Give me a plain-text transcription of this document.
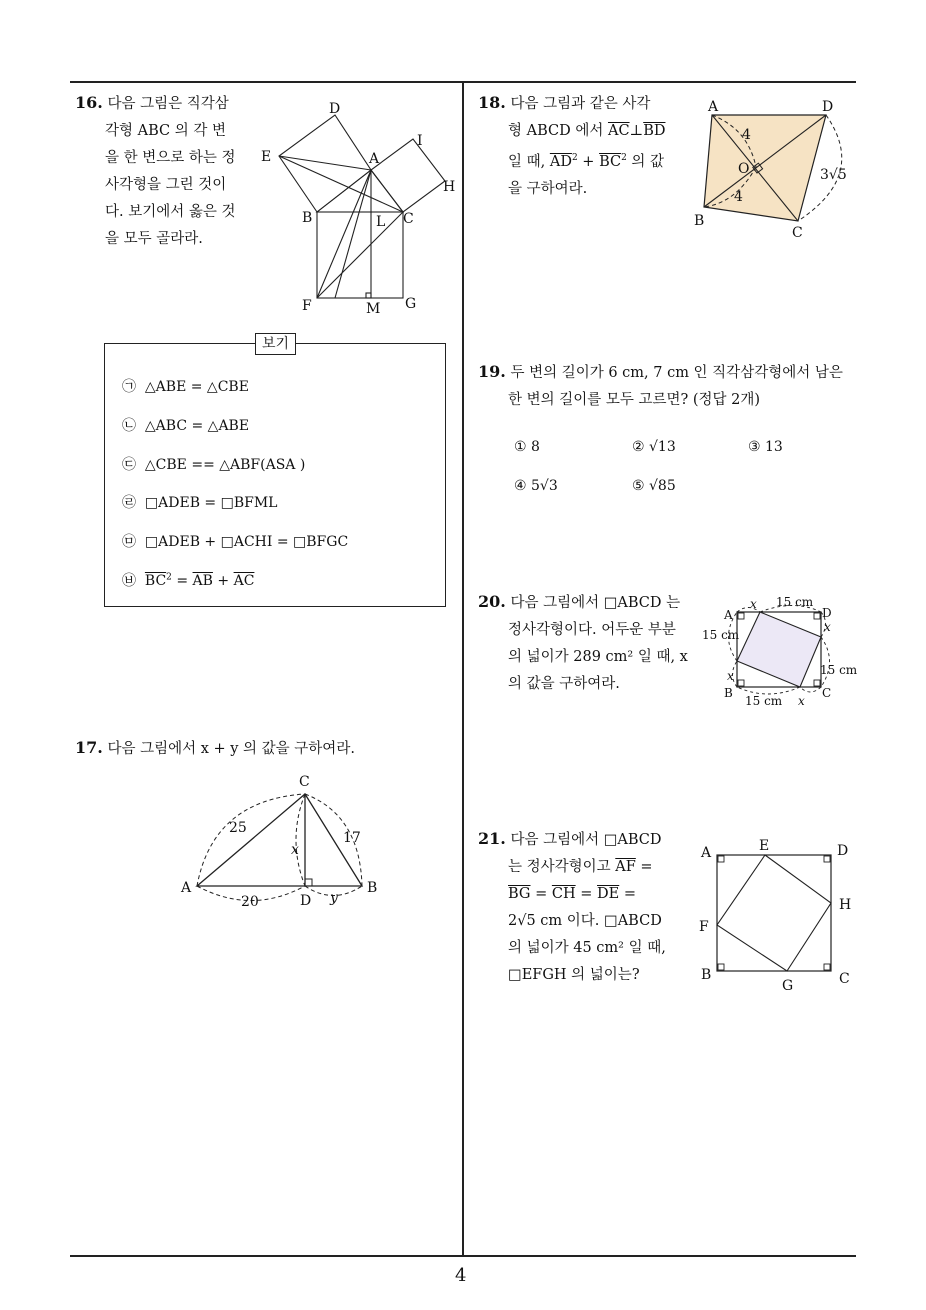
4
16. 다음 그림은 직각삼
각형 ABC 의 각 변
을 한 변으로 하는 정
사각형을 그린 것이
다. 보기에서 옳은 것
을 모두 골라라.
D
E	A
I
H
B	L C
F	M G
보기
㉠ △ABE = △CBE
㉡ △ABC = △ABE
㉢ △CBE == △ABF(ASA )
㉣ □ADEB = □BFML
㉤ □ADEB + □ACHI = □BFGC
㉥ $\overline{BC}^2 = \overline{AB} + \overline{AC}$
17. 다음 그림에서 x + y 의 값을 구하여라.
C
A	B
D
25
17
20
x
y
18. 다음 그림과 같은 사각
형 ABCD 에서 $\overline{AC}\perp\overline{BD}$
일 때, $\overline{AD}^2 + \overline{BC}^2$ 의 값
을 구하여라.
A	D
B
C
O
4
4
3√5
19. 두 변의 길이가 6 cm, 7 cm 인 직각삼각형에서 남은
한 변의 길이를 모두 고르면? (정답 2개)
① 8	② √13	③ 13
④ 5√3	⑤ √85
20. 다음 그림에서 □ABCD 는
정사각형이다. 어두운 부분
의 넓이가 289 cm² 일 때, x
의 값을 구하여라.
A	D
B	C
x 15 cm
x
15 cm
x
15 cm
x
15 cm
21. 다음 그림에서 □ABCD
는 정사각형이고 $\overline{AF}$ =
$\overline{BG} = \overline{CH} = \overline{DE}$ =
2√5 cm 이다. □ABCD
의 넓이가 45 cm² 일 때,
□EFGH 의 넓이는?
A	E	D
H
F
B
G	C
